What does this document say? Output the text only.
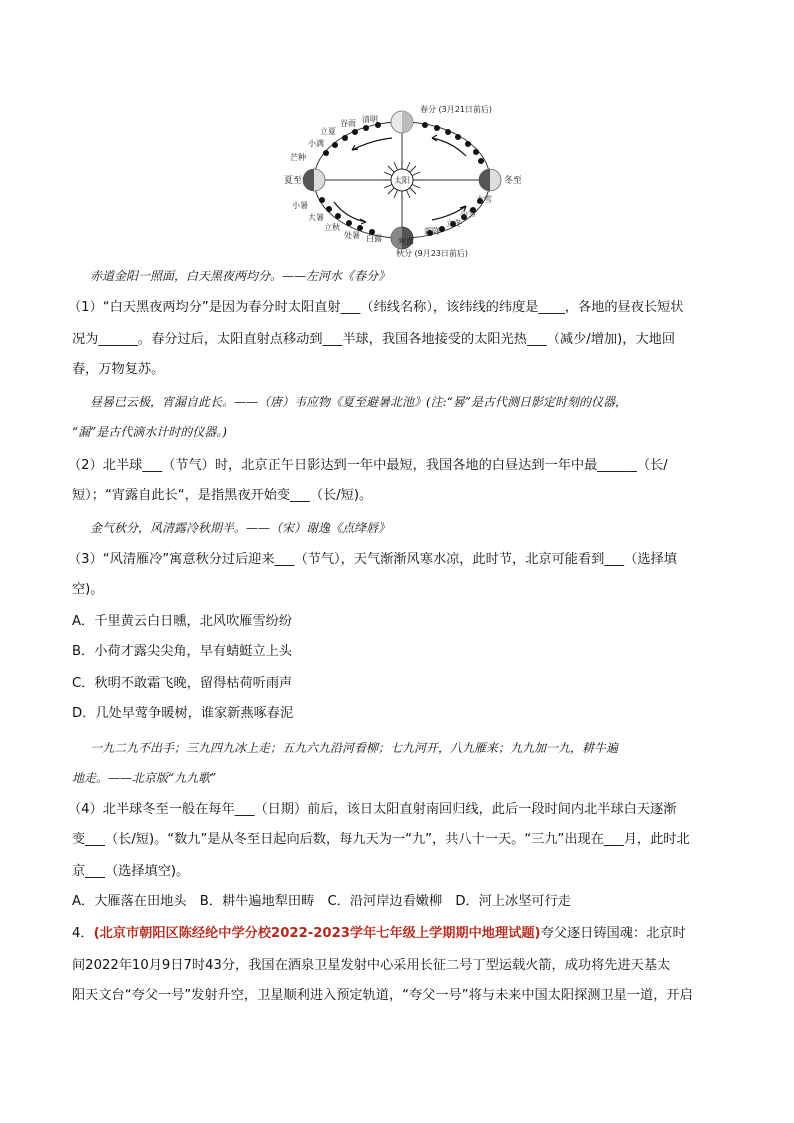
春分 (3月21日前后)
秋分 (9月23日前后)
夏至	冬至
太阳
清明
谷雨
立夏
小满
芒种
小暑
大暑
立秋
处暑 白露 寒露
霜降
立冬
小雪
大雪
赤道金阳一照面，白天黑夜两均分。——左河水《春分》
（1）“白天黑夜两均分”是因为春分时太阳直射___（纬线名称），该纬线的纬度是____，各地的昼夜长短状
况为______。春分过后，太阳直射点移动到___半球，我国各地接受的太阳光热___（减少/增加)，大地回
春，万物复苏。
昼晷已云极，宵漏自此长。——（唐）韦应物《夏至避暑北池》(注:“晷”是古代测日影定时刻的仪器，
“漏”是古代滴水计时的仪器。)
（2）北半球___（节气）时，北京正午日影达到一年中最短，我国各地的白昼达到一年中最______（长/
短）；“宵露自此长“，是指黑夜开始变___（长/短)。
金气秋分，风清露冷秋期半。——（宋）谢逸《点绛唇》
（3）“风清雁冷”寓意秋分过后迎来___（节气），天气渐渐风寒水凉，此时节，北京可能看到___（选择填
空)。
A．千里黄云白日曛，北风吹雁雪纷纷
B．小荷才露尖尖角，早有蜻蜓立上头
C．秋明不敢霜飞晚，留得枯荷听雨声
D．几处早莺争暖树，谁家新燕啄春泥
一九二九不出手；三九四九冰上走；五九六九沿河看柳；七九河开，八九雁来；九九加一九，耕牛遍
地走。——北京版“九九歌”
（4）北半球冬至一般在每年___（日期）前后，该日太阳直射南回归线，此后一段时间内北半球白天逐渐
变___（长/短)。“数九”是从冬至日起向后数，每九天为一“九”，共八十一天。“三九”出现在___月，此时北
京___（选择填空)。
A．大雁落在田地头　B．耕牛遍地犁田畴　C．沿河岸边看嫩柳　D．河上冰坚可行走
4．(北京市朝阳区陈经纶中学分校2022-2023学年七年级上学期期中地理试题)夸父逐日铸国魂：北京时
间2022年10月9日7时43分，我国在酒泉卫星发射中心采用长征二号丁型运载火箭，成功将先进天基太
阳天文台“夸父一号”发射升空，卫星顺利进入预定轨道，“夸父一号”将与未来中国太阳探测卫星一道，开启
